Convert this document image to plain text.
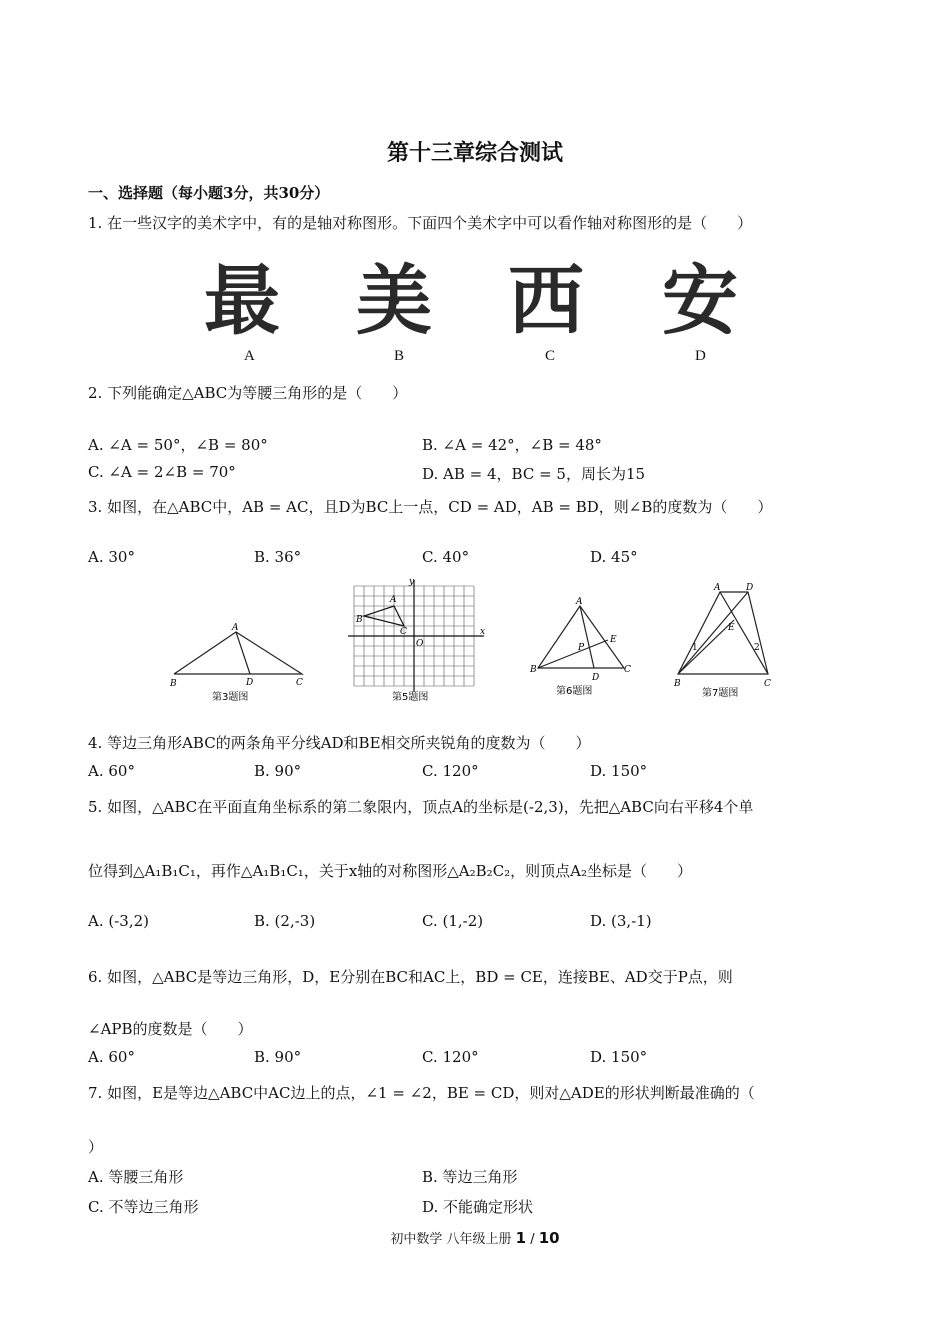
第十三章综合测试
一、选择题（每小题3分，共30分）
1. 在一些汉字的美术字中，有的是轴对称图形。下面四个美术字中可以看作轴对称图形的是（　　）
最 美 西 安
A	B	C	D
2. 下列能确定△ABC为等腰三角形的是（　　）
A. ∠A = 50°，∠B = 80°	B. ∠A = 42°，∠B = 48°
C. ∠A = 2∠B = 70°	D. AB = 4，BC = 5，周长为15
3. 如图，在△ABC中，AB = AC，且D为BC上一点，CD = AD，AB = BD，则∠B的度数为（　　）
A. 30°	B. 36°	C. 40°	D. 45°
A
B	D	C
第3题图
y
A
B
C
O
x
第5题图
A
E
P
B
D
C
第6题图
A	D
E
1	2
B	C
第7题图
4. 等边三角形ABC的两条角平分线AD和BE相交所夹锐角的度数为（　　）
A. 60°	B. 90°	C. 120°	D. 150°
5. 如图，△ABC在平面直角坐标系的第二象限内，顶点A的坐标是(-2,3)，先把△ABC向右平移4个单
位得到△A₁B₁C₁，再作△A₁B₁C₁，关于x轴的对称图形△A₂B₂C₂，则顶点A₂坐标是（　　）
A. (-3,2)	B. (2,-3)	C. (1,-2)	D. (3,-1)
6. 如图，△ABC是等边三角形，D，E分别在BC和AC上，BD = CE，连接BE、AD交于P点，则
∠APB的度数是（　　）
A. 60°	B. 90°	C. 120°	D. 150°
7. 如图，E是等边△ABC中AC边上的点，∠1 = ∠2，BE = CD，则对△ADE的形状判断最准确的（
）
A. 等腰三角形	B. 等边三角形
C. 不等边三角形	D. 不能确定形状
初中数学 八年级上册 1 / 10
